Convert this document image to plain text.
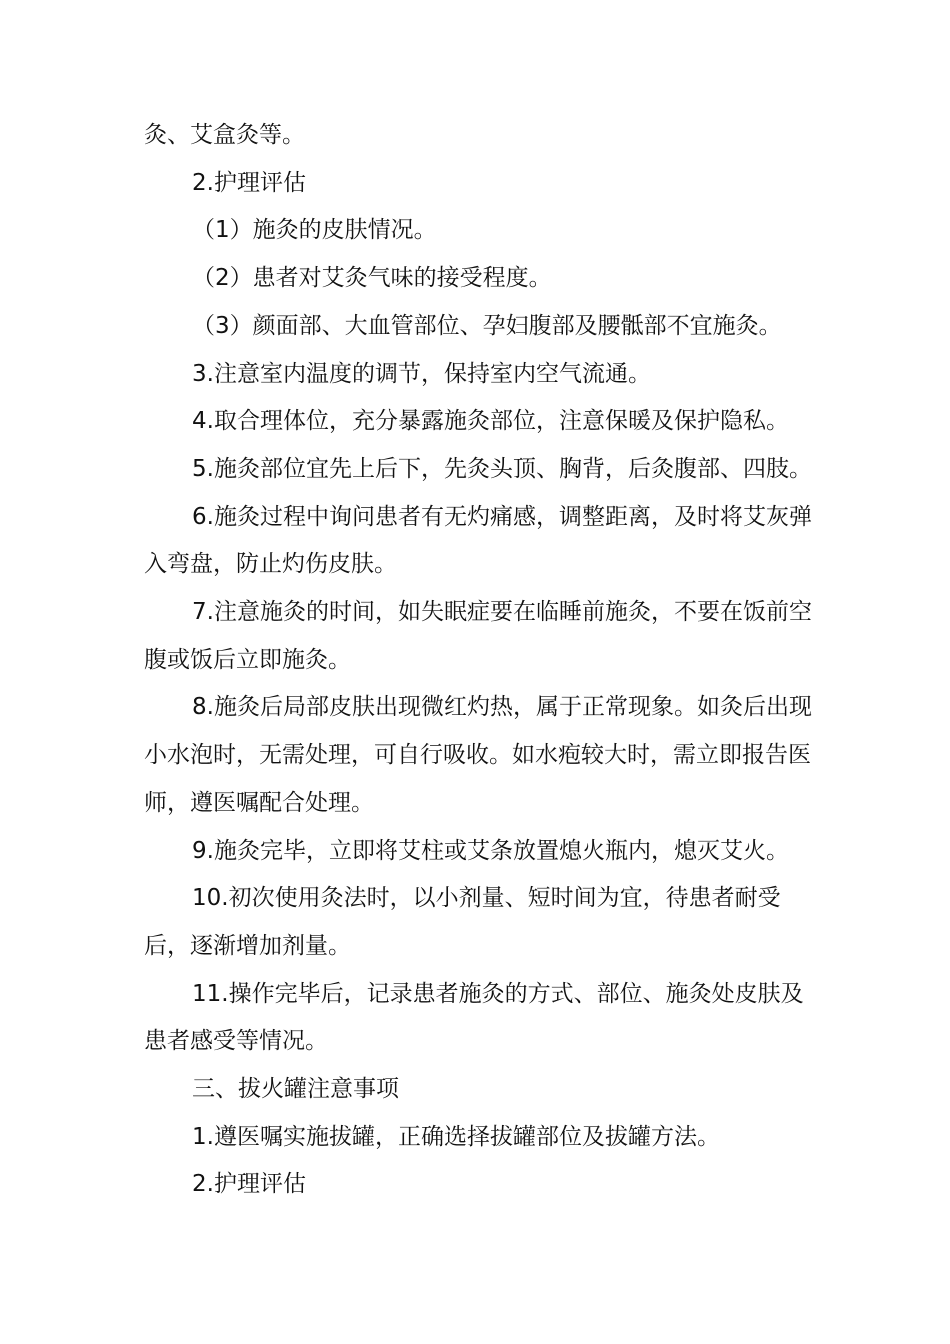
灸、艾盒灸等。

2.护理评估

（1）施灸的皮肤情况。

（2）患者对艾灸气味的接受程度。

（3）颜面部、大血管部位、孕妇腹部及腰骶部不宜施灸。

3.注意室内温度的调节，保持室内空气流通。

4.取合理体位，充分暴露施灸部位，注意保暖及保护隐私。

5.施灸部位宜先上后下，先灸头顶、胸背，后灸腹部、四肢。

6.施灸过程中询问患者有无灼痛感，调整距离，及时将艾灰弹入弯盘，防止灼伤皮肤。

7.注意施灸的时间，如失眠症要在临睡前施灸，不要在饭前空腹或饭后立即施灸。

8.施灸后局部皮肤出现微红灼热，属于正常现象。如灸后出现小水泡时，无需处理，可自行吸收。如水疱较大时，需立即报告医师，遵医嘱配合处理。

9.施灸完毕，立即将艾柱或艾条放置熄火瓶内，熄灭艾火。

10.初次使用灸法时，以小剂量、短时间为宜，待患者耐受后，逐渐增加剂量。

11.操作完毕后，记录患者施灸的方式、部位、施灸处皮肤及患者感受等情况。

三、拔火罐注意事项

1.遵医嘱实施拔罐，正确选择拔罐部位及拔罐方法。

2.护理评估
